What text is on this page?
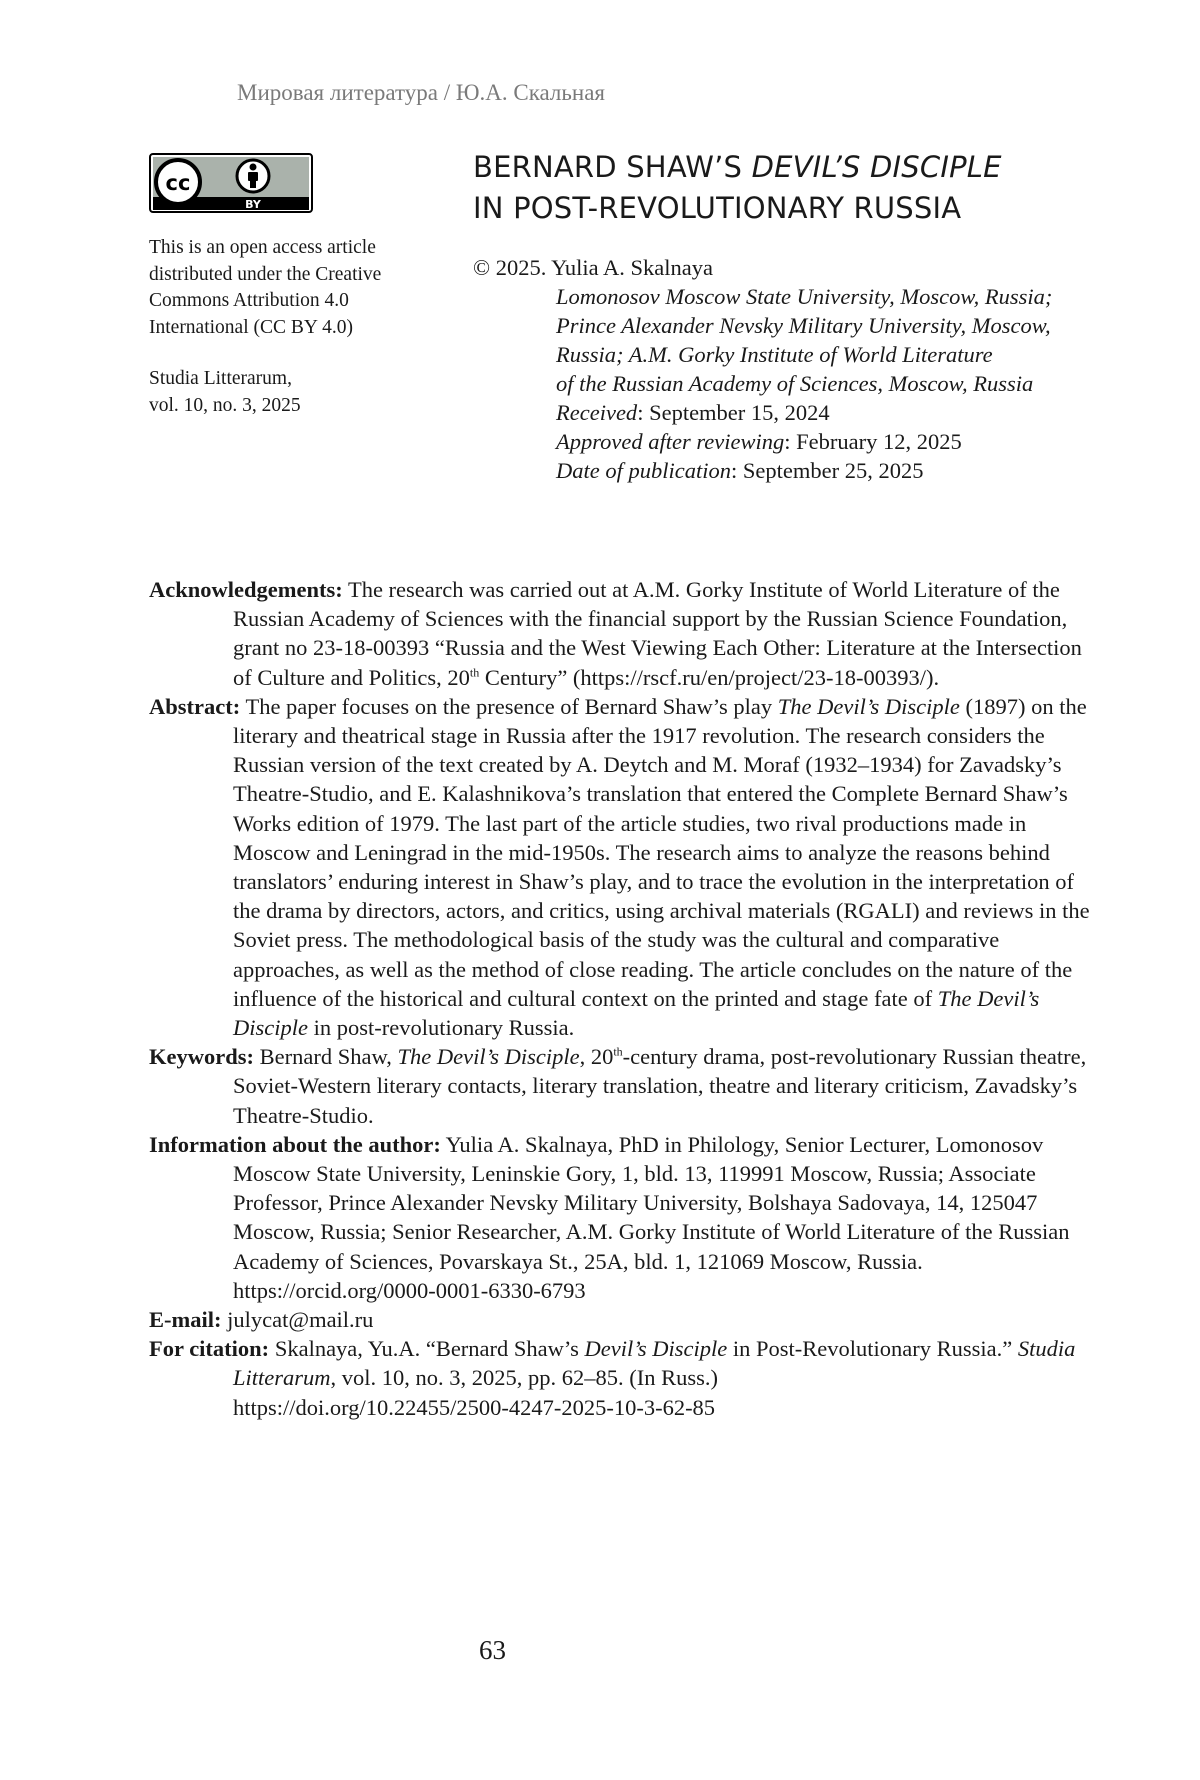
Мировая литература / Ю.А. Скальная
cc
BY

This is an open access article

distributed under the Creative

Commons Attribution 4.0

International (CC BY 4.0)

Studia Litterarum,

vol. 10, no. 3, 2025

BERNARD SHAW’S DEVIL’S DISCIPLE

IN POST-REVOLUTIONARY RUSSIA

© 2025. Yulia A. Skalnaya

Lomonosov Moscow State University, Moscow, Russia;

Prince Alexander Nevsky Military University, Moscow,

Russia; A.M. Gorky Institute of World Literature

of the Russian Academy of Sciences, Moscow, Russia

Received: September 15, 2024

Approved after reviewing: February 12, 2025

Date of publication: September 25, 2025

Acknowledgements: The research was carried out at A.M. Gorky Institute of World Literature of the Russian Academy of Sciences with the financial support by the Russian Science Foundation, grant no 23-18-00393 “Russia and the West Viewing Each Other: Literature at the Intersection of Culture and Politics, 20th Century” (https://rscf.ru/en/project/23-18-00393/).

Abstract: The paper focuses on the presence of Bernard Shaw’s play The Devil’s Disciple (1897) on the literary and theatrical stage in Russia after the 1917 revolution. The research considers the Russian version of the text created by A. Deytch and M. Moraf (1932–1934) for Zavadsky’s Theatre-Studio, and E. Kalashnikova’s translation that entered the Complete Bernard Shaw’s Works edition of 1979. The last part of the article studies, two rival productions made in Moscow and Leningrad in the mid-1950s. The research aims to analyze the reasons behind translators’ enduring interest in Shaw’s play, and to trace the evolution in the interpretation of the drama by directors, actors, and critics, using archival materials (RGALI) and reviews in the Soviet press. The methodological basis of the study was the cultural and comparative approaches, as well as the method of close reading. The article concludes on the nature of the influence of the historical and cultural context on the printed and stage fate of The Devil’s Disciple in post-revolutionary Russia.

Keywords: Bernard Shaw, The Devil’s Disciple, 20th-century drama, post-revolutionary Russian theatre, Soviet-Western literary contacts, literary translation, theatre and literary criticism, Zavadsky’s Theatre-Studio.

Information about the author: Yulia A. Skalnaya, PhD in Philology, Senior Lecturer, Lomonosov Moscow State University, Leninskie Gory, 1, bld. 13, 119991 Moscow, Russia; Associate Professor, Prince Alexander Nevsky Military University, Bolshaya Sadovaya, 14, 125047 Moscow, Russia; Senior Researcher, A.M. Gorky Institute of World Literature of the Russian Academy of Sciences, Povarskaya St., 25A, bld. 1, 121069 Moscow, Russia. https://orcid.org/0000-0001-6330-6793

E-mail: julycat@mail.ru

For citation: Skalnaya, Yu.A. “Bernard Shaw’s Devil’s Disciple in Post-Revolutionary Russia.” Studia Litterarum, vol. 10, no. 3, 2025, pp. 62–85. (In Russ.)
https://doi.org/10.22455/2500-4247-2025-10-3-62-85

63
